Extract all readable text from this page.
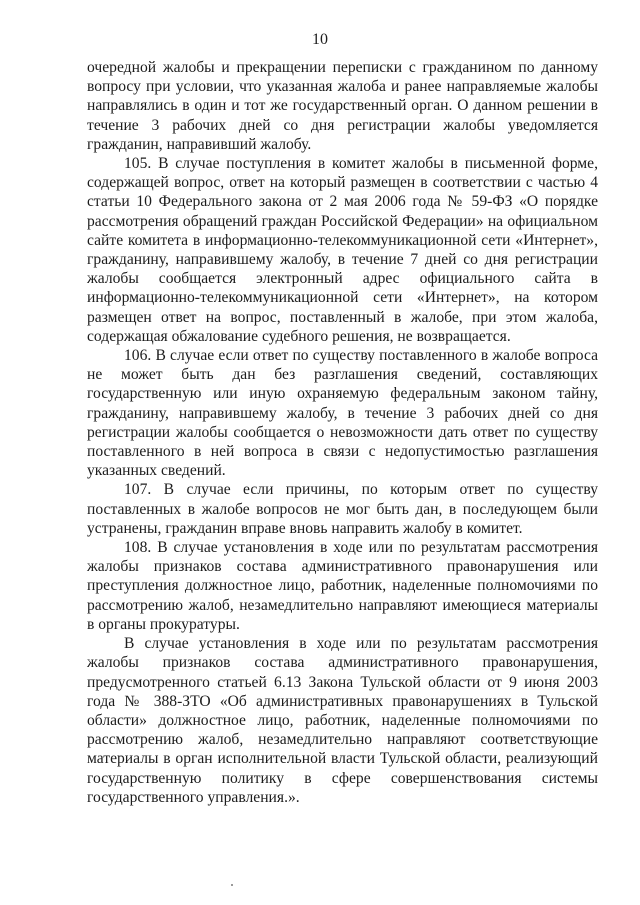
10

очередной жалобы и прекращении переписки с гражданином по данному вопросу при условии, что указанная жалоба и ранее направляемые жалобы направлялись в один и тот же государственный орган. О данном решении в течение 3 рабочих дней со дня регистрации жалобы уведомляется гражданин, направивший жалобу.

105. В случае поступления в комитет жалобы в письменной форме, содержащей вопрос, ответ на который размещен в соответствии с частью 4 статьи 10 Федерального закона от 2 мая 2006 года № 59-ФЗ «О порядке рассмотрения обращений граждан Российской Федерации» на официальном сайте комитета в информационно-телекоммуникационной сети «Интернет», гражданину, направившему жалобу, в течение 7 дней со дня регистрации жалобы сообщается электронный адрес официального сайта в информационно-телекоммуникационной сети «Интернет», на котором размещен ответ на вопрос, поставленный в жалобе, при этом жалоба, содержащая обжалование судебного решения, не возвращается.

106. В случае если ответ по существу поставленного в жалобе вопроса не может быть дан без разглашения сведений, составляющих государственную или иную охраняемую федеральным законом тайну, гражданину, направившему жалобу, в течение 3 рабочих дней со дня регистрации жалобы сообщается о невозможности дать ответ по существу поставленного в ней вопроса в связи с недопустимостью разглашения указанных сведений.

107. В случае если причины, по которым ответ по существу поставленных в жалобе вопросов не мог быть дан, в последующем были устранены, гражданин вправе вновь направить жалобу в комитет.

108. В случае установления в ходе или по результатам рассмотрения жалобы признаков состава административного правонарушения или преступления должностное лицо, работник, наделенные полномочиями по рассмотрению жалоб, незамедлительно направляют имеющиеся материалы в органы прокуратуры.

В случае установления в ходе или по результатам рассмотрения жалобы признаков состава административного правонарушения, предусмотренного статьей 6.13 Закона Тульской области от 9 июня 2003 года № 388-ЗТО «Об административных правонарушениях в Тульской области» должностное лицо, работник, наделенные полномочиями по рассмотрению жалоб, незамедлительно направляют соответствующие материалы в орган исполнительной власти Тульской области, реализующий государственную политику в сфере совершенствования системы государственного управления.».
